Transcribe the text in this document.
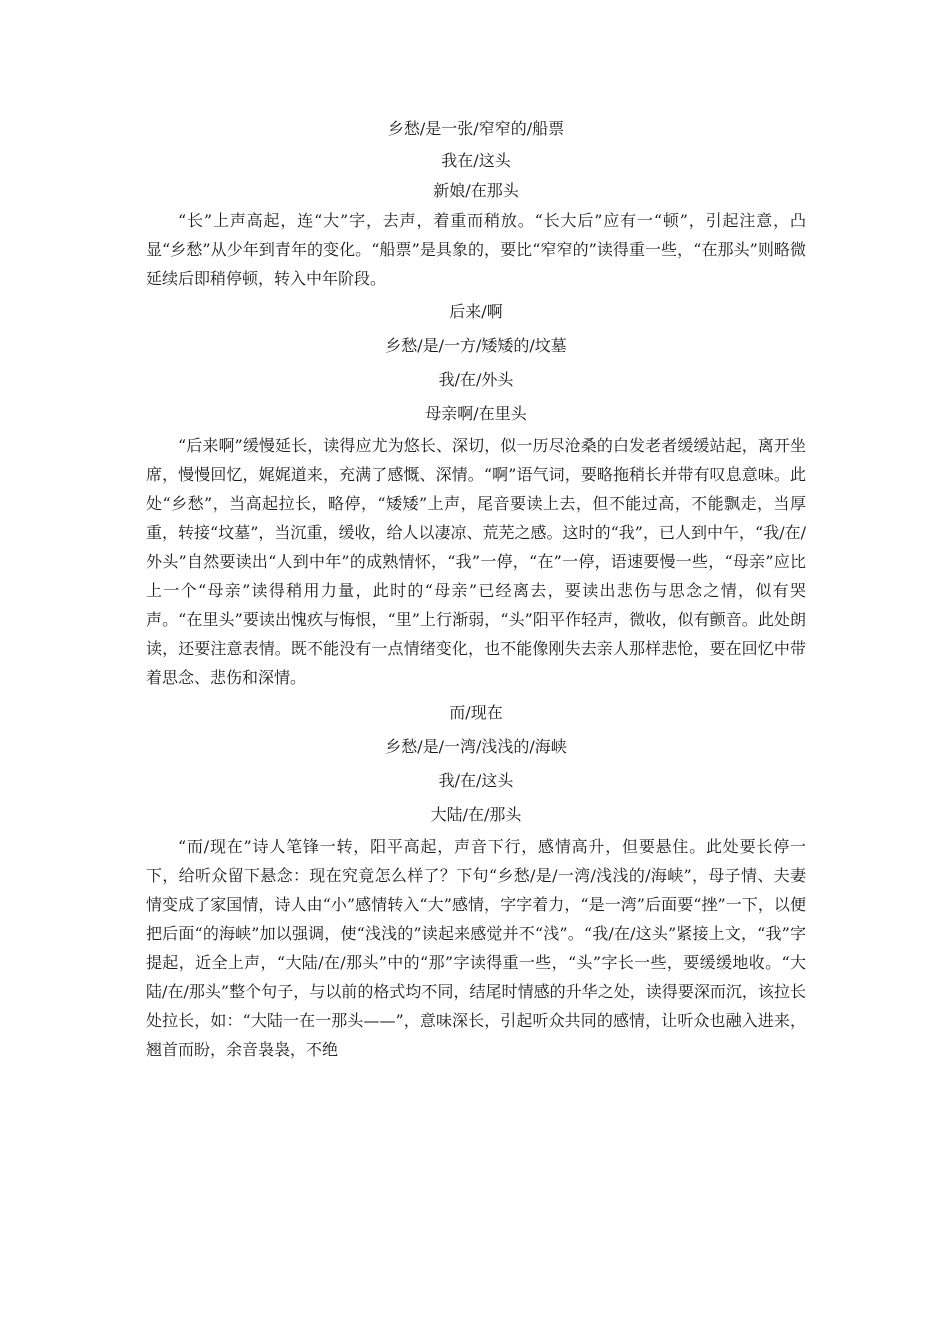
乡愁/是一张/窄窄的/船票
我在/这头
新娘/在那头

“长”上声高起，连“大”字，去声，着重而稍放。“长大后”应有一“顿”，引起注意，凸显“乡愁”从少年到青年的变化。“船票”是具象的，要比“窄窄的”读得重一些，“在那头”则略微延续后即稍停顿，转入中年阶段。

后来/啊
乡愁/是/一方/矮矮的/坟墓
我/在/外头
母亲啊/在里头

“后来啊”缓慢延长，读得应尤为悠长、深切，似一历尽沧桑的白发老者缓缓站起，离开坐席，慢慢回忆，娓娓道来，充满了感慨、深情。“啊”语气词，要略拖稍长并带有叹息意味。此处“乡愁”，当高起拉长，略停，“矮矮”上声，尾音要读上去，但不能过高，不能飘走，当厚重，转接“坟墓”，当沉重，缓收，给人以凄凉、荒芜之感。这时的“我”，已人到中午，“我/在/外头”自然要读出“人到中年”的成熟情怀，“我”一停，“在”一停，语速要慢一些，“母亲”应比上一个“母亲”读得稍用力量，此时的“母亲”已经离去，要读出悲伤与思念之情，似有哭声。“在里头”要读出愧疚与悔恨，“里”上行渐弱，“头”阳平作轻声，微收，似有颤音。此处朗读，还要注意表情。既不能没有一点情绪变化，也不能像刚失去亲人那样悲怆，要在回忆中带着思念、悲伤和深情。

而/现在
乡愁/是/一湾/浅浅的/海峡
我/在/这头
大陆/在/那头

“而/现在”诗人笔锋一转，阳平高起，声音下行，感情高升，但要悬住。此处要长停一下，给听众留下悬念：现在究竟怎么样了？下句“乡愁/是/一湾/浅浅的/海峡”，母子情、夫妻情变成了家国情，诗人由“小”感情转入“大”感情，字字着力，“是一湾”后面要“挫”一下，以便把后面“的海峡”加以强调，使“浅浅的”读起来感觉并不“浅”。“我/在/这头”紧接上文，“我”字提起，近全上声，“大陆/在/那头”中的“那”字读得重一些，“头”字长一些，要缓缓地收。“大陆/在/那头”整个句子，与以前的格式均不同，结尾时情感的升华之处，读得要深而沉，该拉长处拉长，如：“大陆一在一那头——”，意味深长，引起听众共同的感情，让听众也融入进来，翘首而盼，余音袅袅，不绝
